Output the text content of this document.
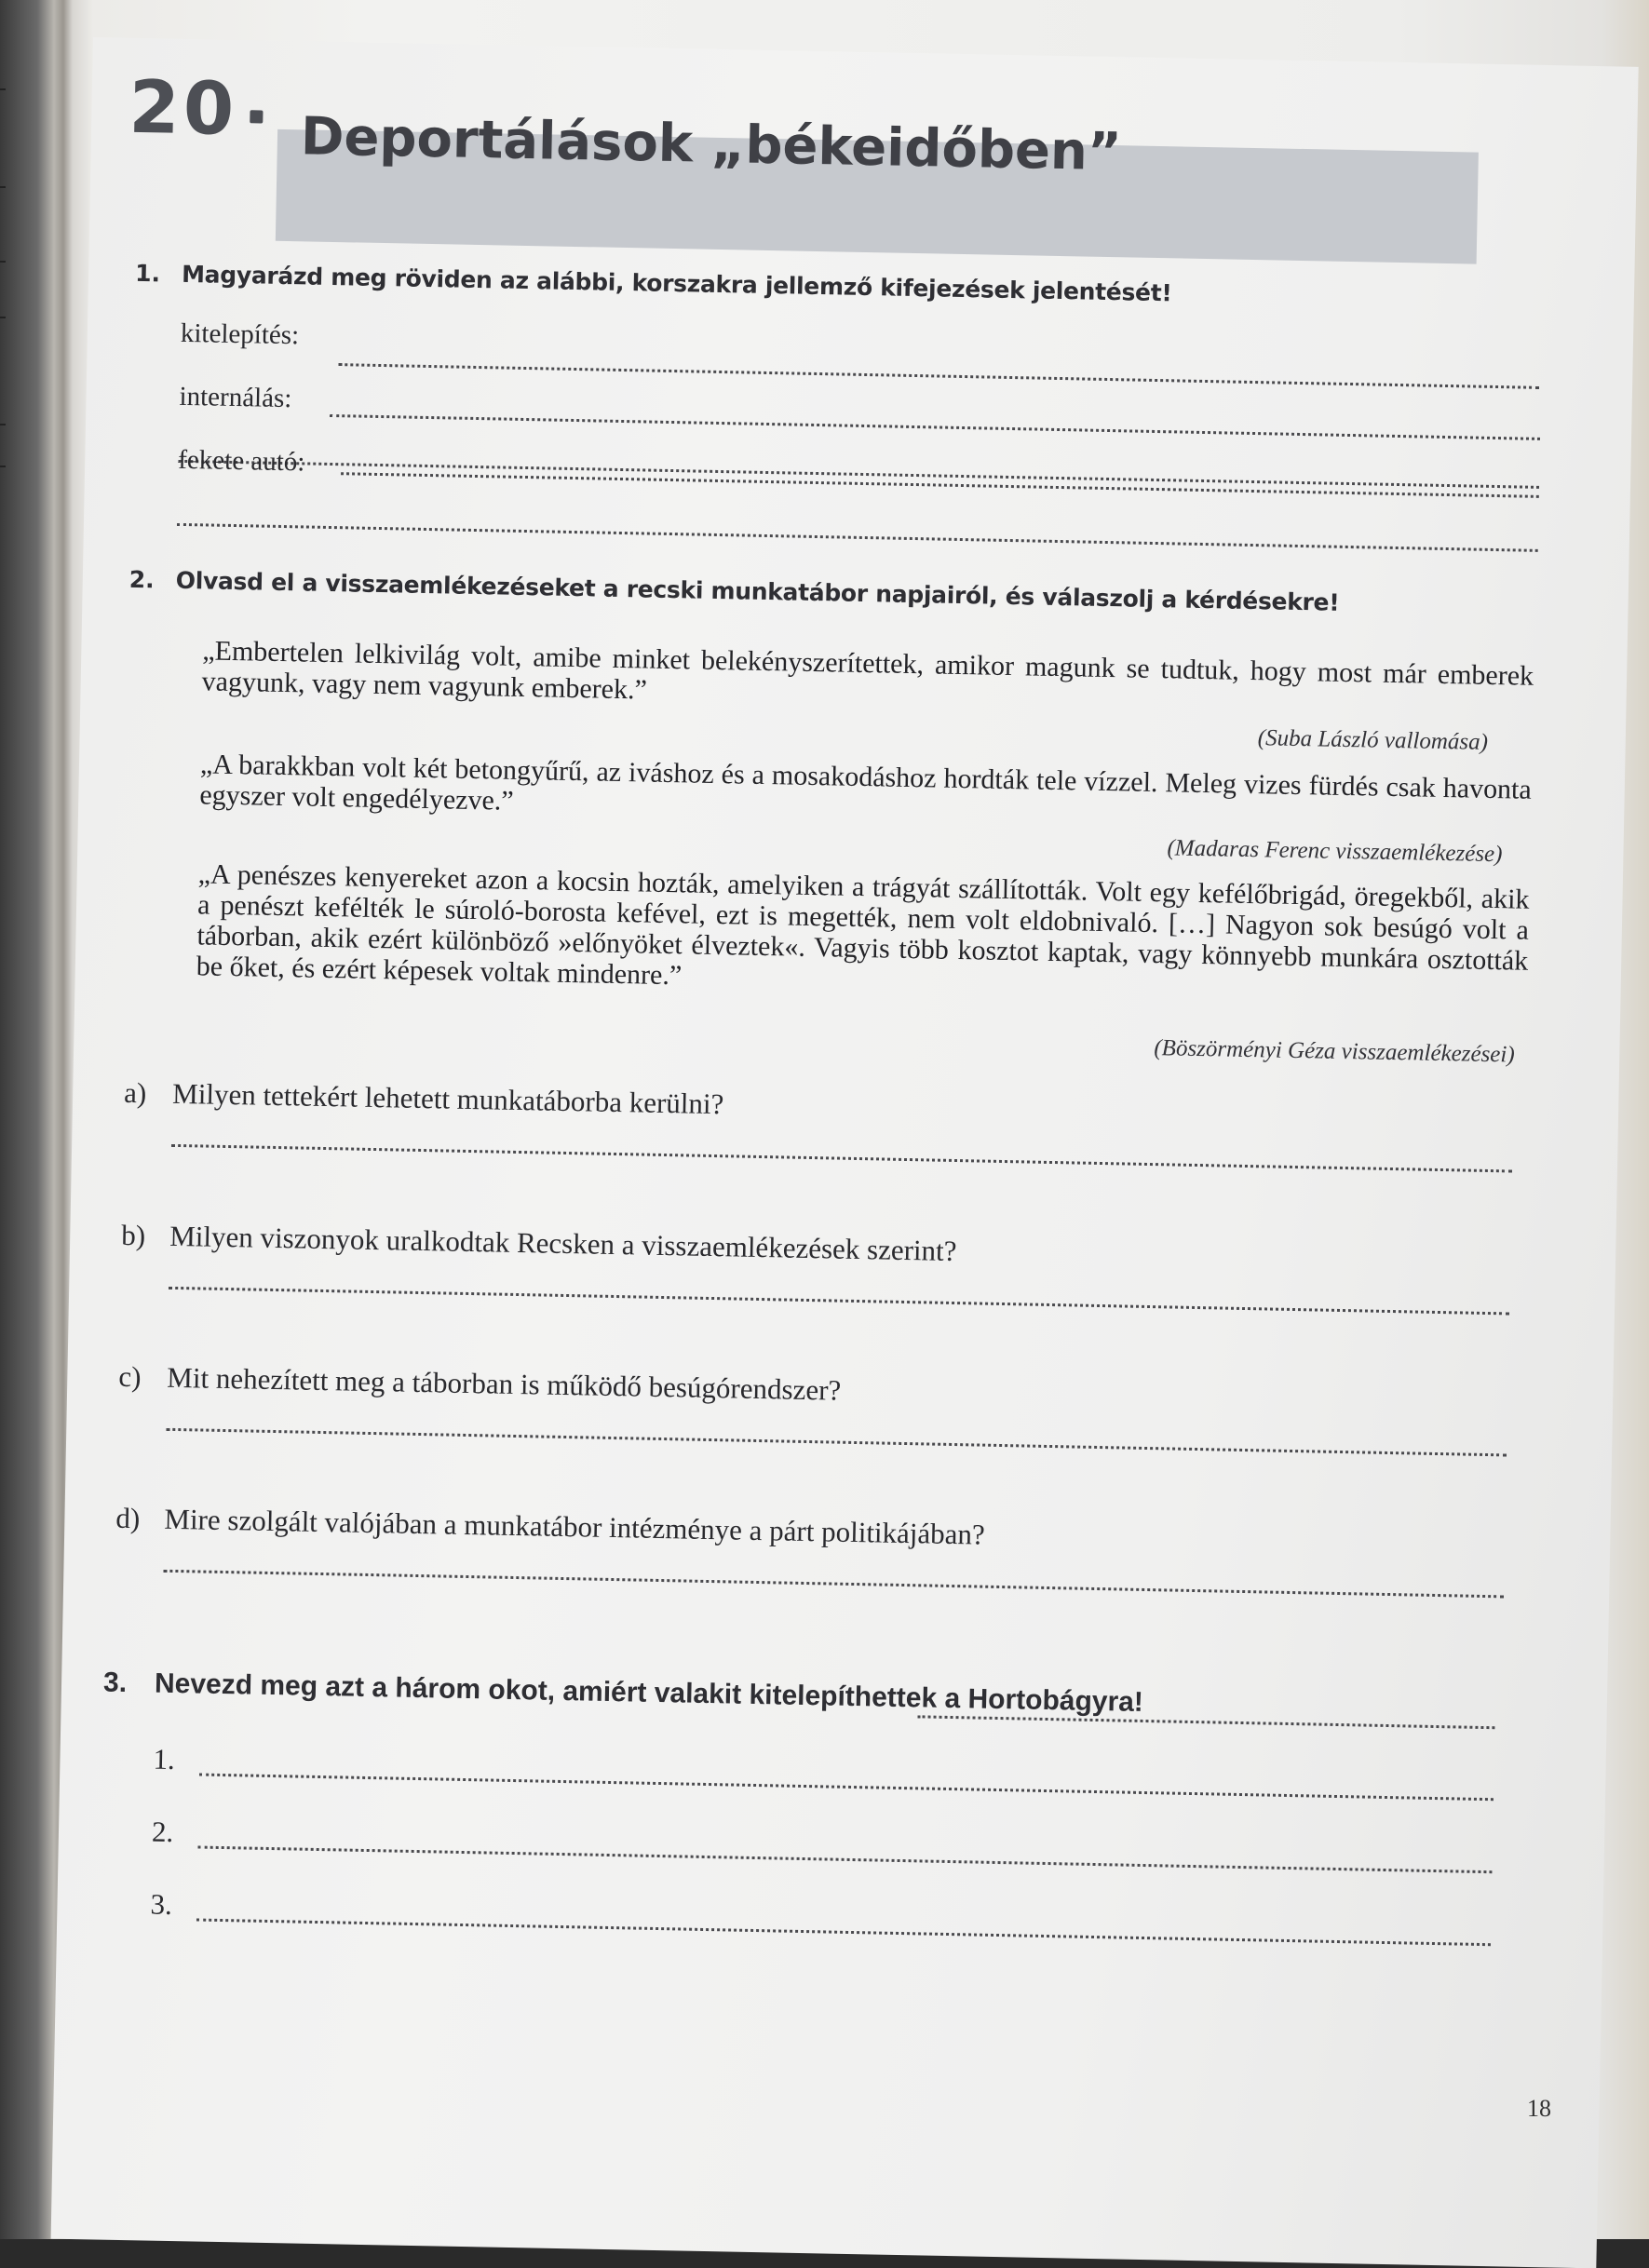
20 Deportálások „békeidőben”
1. Magyarázd meg röviden az alábbi, korszakra jellemző kifejezések jelentését!
kitelepítés:
internálás:
fekete autó:
2. Olvasd el a visszaemlékezéseket a recski munkatábor napjairól, és válaszolj a kérdésekre!
„Embertelen lelkivilág volt, amibe minket belekényszerítettek, amikor magunk se tudtuk, hogy most már emberek vagyunk, vagy nem vagyunk emberek.”
(Suba László vallomása)
„A barakkban volt két betongyűrű, az iváshoz és a mosakodáshoz hordták tele vízzel. Meleg vizes fürdés csak havonta egyszer volt engedélyezve.”
(Madaras Ferenc visszaemlékezése)
„A penészes kenyereket azon a kocsin hozták, amelyiken a trágyát szállították. Volt egy kefélőbrigád, öregekből, akik a penészt kefélték le súroló-borosta kefével, ezt is megették, nem volt eldobnivaló. […] Nagyon sok besúgó volt a táborban, akik ezért különböző »előnyöket élveztek«. Vagyis több kosztot kaptak, vagy könnyebb munkára osztották be őket, és ezért képesek voltak mindenre.”
(Böszörményi Géza visszaemlékezései)
a) Milyen tettekért lehetett munkatáborba kerülni?
b) Milyen viszonyok uralkodtak Recsken a visszaemlékezések szerint?
c) Mit nehezített meg a táborban is működő besúgórendszer?
d) Mire szolgált valójában a munkatábor intézménye a párt politikájában?
3. Nevezd meg azt a három okot, amiért valakit kitelepíthettek a Hortobágyra!
1.
2.
3.
18
